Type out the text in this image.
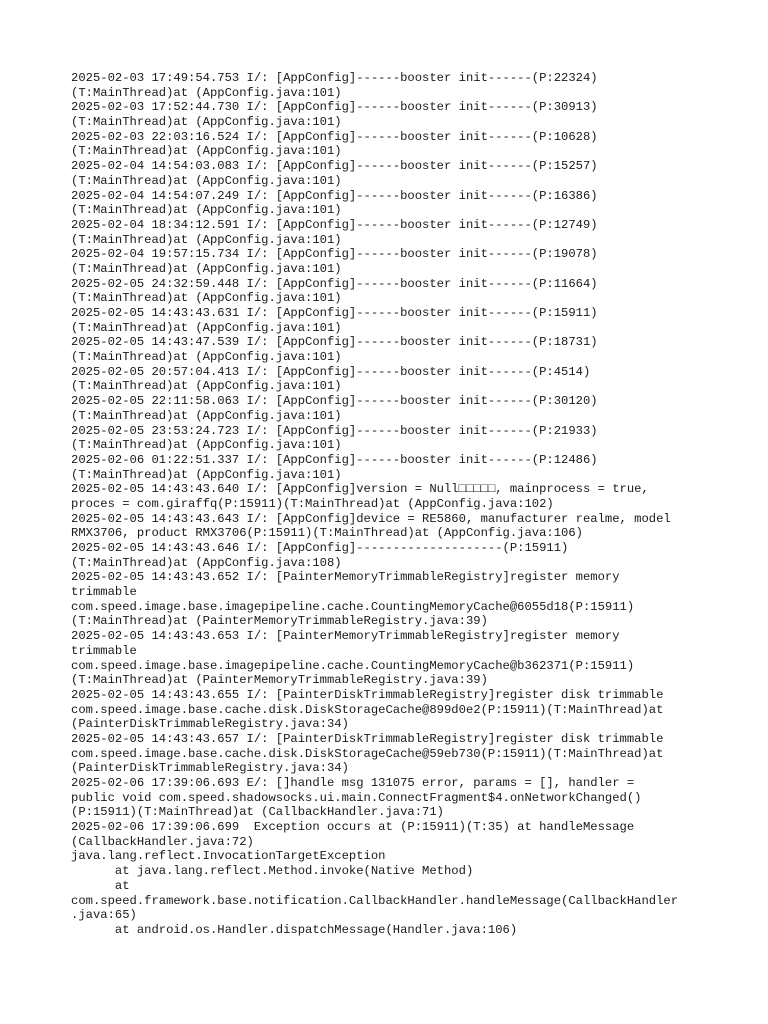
2025-02-03 17:49:54.753 I/: [AppConfig]------booster init------(P:22324)
(T:MainThread)at (AppConfig.java:101)
2025-02-03 17:52:44.730 I/: [AppConfig]------booster init------(P:30913)
(T:MainThread)at (AppConfig.java:101)
2025-02-03 22:03:16.524 I/: [AppConfig]------booster init------(P:10628)
(T:MainThread)at (AppConfig.java:101)
2025-02-04 14:54:03.083 I/: [AppConfig]------booster init------(P:15257)
(T:MainThread)at (AppConfig.java:101)
2025-02-04 14:54:07.249 I/: [AppConfig]------booster init------(P:16386)
(T:MainThread)at (AppConfig.java:101)
2025-02-04 18:34:12.591 I/: [AppConfig]------booster init------(P:12749)
(T:MainThread)at (AppConfig.java:101)
2025-02-04 19:57:15.734 I/: [AppConfig]------booster init------(P:19078)
(T:MainThread)at (AppConfig.java:101)
2025-02-05 24:32:59.448 I/: [AppConfig]------booster init------(P:11664)
(T:MainThread)at (AppConfig.java:101)
2025-02-05 14:43:43.631 I/: [AppConfig]------booster init------(P:15911)
(T:MainThread)at (AppConfig.java:101)
2025-02-05 14:43:47.539 I/: [AppConfig]------booster init------(P:18731)
(T:MainThread)at (AppConfig.java:101)
2025-02-05 20:57:04.413 I/: [AppConfig]------booster init------(P:4514)
(T:MainThread)at (AppConfig.java:101)
2025-02-05 22:11:58.063 I/: [AppConfig]------booster init------(P:30120)
(T:MainThread)at (AppConfig.java:101)
2025-02-05 23:53:24.723 I/: [AppConfig]------booster init------(P:21933)
(T:MainThread)at (AppConfig.java:101)
2025-02-06 01:22:51.337 I/: [AppConfig]------booster init------(P:12486)
(T:MainThread)at (AppConfig.java:101)
2025-02-05 14:43:43.640 I/: [AppConfig]version = Null□□□□□, mainprocess = true,
proces = com.giraffq(P:15911)(T:MainThread)at (AppConfig.java:102)
2025-02-05 14:43:43.643 I/: [AppConfig]device = RE5860, manufacturer realme, model
RMX3706, product RMX3706(P:15911)(T:MainThread)at (AppConfig.java:106)
2025-02-05 14:43:43.646 I/: [AppConfig]--------------------(P:15911)
(T:MainThread)at (AppConfig.java:108)
2025-02-05 14:43:43.652 I/: [PainterMemoryTrimmableRegistry]register memory
trimmable
com.speed.image.base.imagepipeline.cache.CountingMemoryCache@6055d18(P:15911)
(T:MainThread)at (PainterMemoryTrimmableRegistry.java:39)
2025-02-05 14:43:43.653 I/: [PainterMemoryTrimmableRegistry]register memory
trimmable
com.speed.image.base.imagepipeline.cache.CountingMemoryCache@b362371(P:15911)
(T:MainThread)at (PainterMemoryTrimmableRegistry.java:39)
2025-02-05 14:43:43.655 I/: [PainterDiskTrimmableRegistry]register disk trimmable
com.speed.image.base.cache.disk.DiskStorageCache@899d0e2(P:15911)(T:MainThread)at
(PainterDiskTrimmableRegistry.java:34)
2025-02-05 14:43:43.657 I/: [PainterDiskTrimmableRegistry]register disk trimmable
com.speed.image.base.cache.disk.DiskStorageCache@59eb730(P:15911)(T:MainThread)at
(PainterDiskTrimmableRegistry.java:34)
2025-02-06 17:39:06.693 E/: []handle msg 131075 error, params = [], handler =
public void com.speed.shadowsocks.ui.main.ConnectFragment$4.onNetworkChanged()
(P:15911)(T:MainThread)at (CallbackHandler.java:71)
2025-02-06 17:39:06.699  Exception occurs at (P:15911)(T:35) at handleMessage
(CallbackHandler.java:72)
java.lang.reflect.InvocationTargetException
at java.lang.reflect.Method.invoke(Native Method)
at
com.speed.framework.base.notification.CallbackHandler.handleMessage(CallbackHandler
.java:65)
at android.os.Handler.dispatchMessage(Handler.java:106)
